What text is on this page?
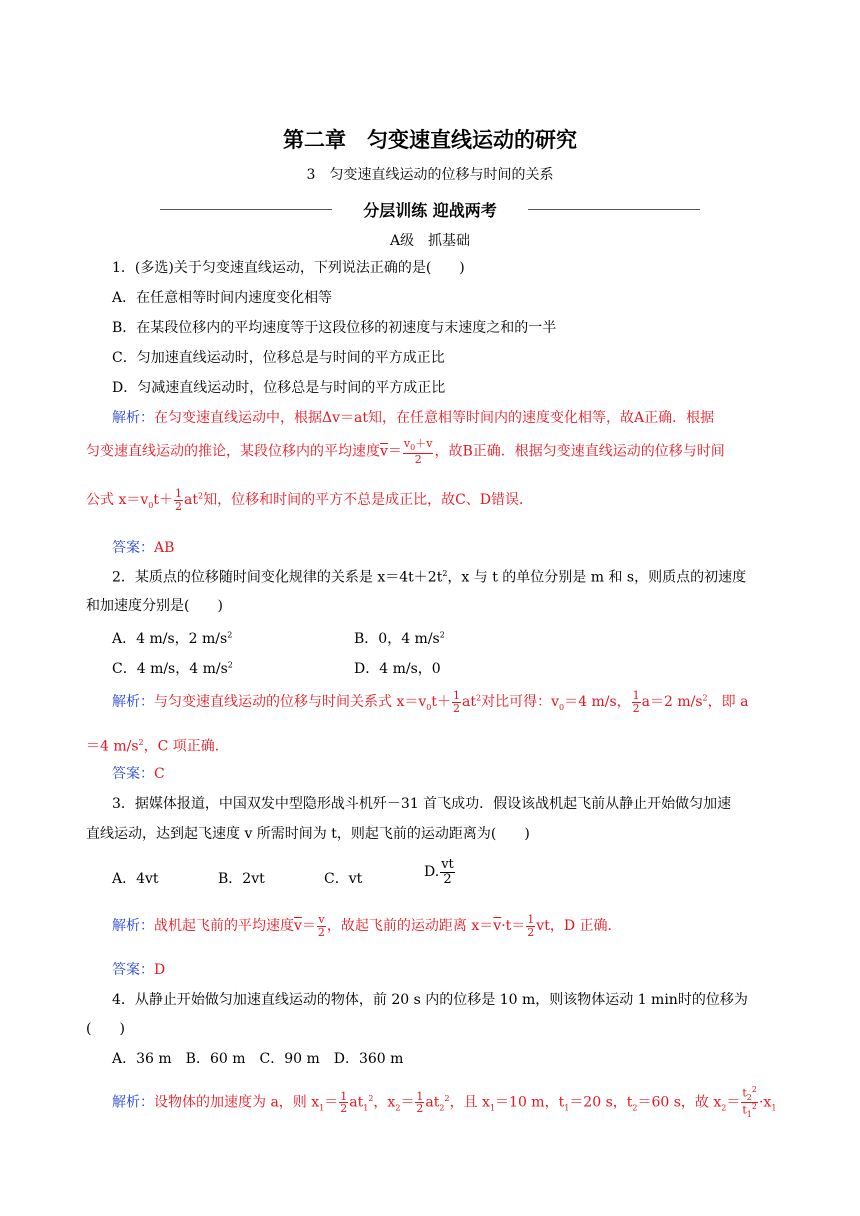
第二章　匀变速直线运动的研究
3　 匀变速直线运动的位移与时间的关系
分层训练 迎战两考
A级　抓基础
1．(多选)关于匀变速直线运动，下列说法正确的是(　　)
A．在任意相等时间内速度变化相等
B．在某段位移内的平均速度等于这段位移的初速度与末速度之和的一半
C．匀加速直线运动时，位移总是与时间的平方成正比
D．匀减速直线运动时，位移总是与时间的平方成正比
解析：在匀变速直线运动中，根据Δv＝at知，在任意相等时间内的速度变化相等，故A正确．根据
匀变速直线运动的推论，某段位移内的平均速度$\overline{v}= \frac{v_0+v}{2}$ ，故B正确．根据匀变速直线运动的位移与时间
公式 $x=v_0t+ \frac{1}{2} at^2$知，位移和时间的平方不总是成正比，故C、D错误．
答案：AB
2．某质点的位移随时间变化规律的关系是 $x=4t+2t^2$，x 与 t 的单位分别是 m 和 s，则质点的初速度
和加速度分别是(　　)
A．4 m/s，2 $m/s^2$	B．0，4 $m/s^2$
C．4 m/s，4 $m/s^2$	D．4 m/s，0
解析：与匀变速直线运动的位移与时间关系式 $x=v_0t+ \frac{1}{2} at^2$对比可得：$v_0=4$ m/s， $\frac{1}{2} a=2$ $m/s^2$，即 a
＝4 $m/s^2$，C 项正确．
答案：C
3．据媒体报道，中国双发中型隐形战斗机歼－31 首飞成功．假设该战机起飞前从静止开始做匀加速
直线运动，达到起飞速度 v 所需时间为 t，则起飞前的运动距离为(　　)
A．4vt	B．2vt	C．vt	D. $\frac{vt}{2}$
解析：战机起飞前的平均速度$\overline{v}= \frac{v}{2}$ ，故起飞前的运动距离 $x=\overline{v}\cdot t= \frac{1}{2}$ vt，D 正确．
答案：D
4．从静止开始做匀加速直线运动的物体，前 20 s 内的位移是 10 m，则该物体运动 1 min时的位移为
(　　)
A．36 m　B．60 m　C．90 m　D．360 m
解析：设物体的加速度为 a，则 $x_1= \frac{1}{2} at_1^2$，$x_2= \frac{1}{2} at_2^2$，且 $x_1=10$ m，$t_1=20$ s，$t_2=60$ s，故 $x_2= \frac{t_2^2}{t_1^2} \cdot x_1$
